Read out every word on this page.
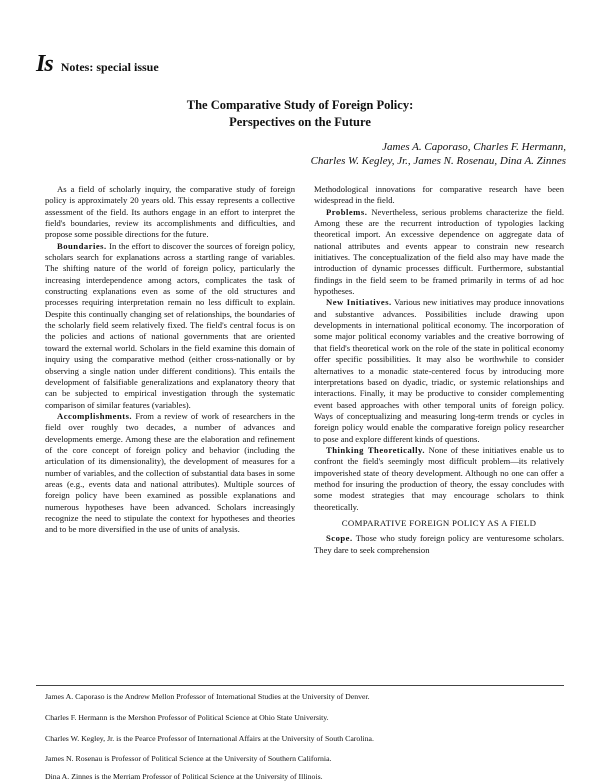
Is Notes: special issue
The Comparative Study of Foreign Policy:
Perspectives on the Future
James A. Caporaso, Charles F. Hermann,
Charles W. Kegley, Jr., James N. Rosenau, Dina A. Zinnes

As a field of scholarly inquiry, the comparative study of foreign policy is approximately 20 years old. This essay represents a collective assessment of the field. Its authors engage in an effort to interpret the field's boundaries, review its accomplishments and difficulties, and propose some possible directions for the future.

Boundaries. In the effort to discover the sources of foreign policy, scholars search for explanations across a startling range of variables. The shifting nature of the world of foreign policy, particularly the increasing interdependence among actors, complicates the task of constructing explanations even as some of the old structures and processes requiring interpretation remain no less difficult to explain. Despite this continually changing set of relationships, the boundaries of the scholarly field seem relatively fixed. The field's central focus is on the policies and actions of national governments that are oriented toward the external world. Scholars in the field examine this domain of inquiry using the comparative method (either cross-nationally or by observing a single nation under different conditions). This entails the development of falsifiable generalizations and explanatory theory that can be subjected to empirical investigation through the systematic comparison of similar features (variables).

Accomplishments. From a review of work of researchers in the field over roughly two decades, a number of advances and developments emerge. Among these are the elaboration and refinement of the core concept of foreign policy and behavior (including the articulation of its dimensionality), the development of measures for a number of variables, and the collection of substantial data bases in some areas (e.g., events data and national attributes). Multiple sources of foreign policy have been examined as possible explanations and numerous hypotheses have been advanced. Scholars increasingly recognize the need to stipulate the context for hypotheses and theories and to be more diversified in the use of units of analysis.

Methodological innovations for comparative research have been widespread in the field.

Problems. Nevertheless, serious problems characterize the field. Among these are the recurrent introduction of typologies lacking theoretical import. An excessive dependence on aggregate data of national attributes and events appear to constrain new research initiatives. The conceptualization of the field also may have made the introduction of dynamic processes difficult. Furthermore, substantial findings in the field seem to be framed primarily in terms of ad hoc hypotheses.

New Initiatives. Various new initiatives may produce innovations and substantive advances. Possibilities include drawing upon developments in international political economy. The incorporation of some major political economy variables and the creative borrowing of that field's theoretical work on the role of the state in political economy offer specific possibilities. It may also be worthwhile to consider alternatives to a monadic state-centered focus by introducing more interpretations based on dyadic, triadic, or systemic relationships and interactions. Finally, it may be productive to consider complementing event based approaches with other temporal units of foreign policy. Ways of conceptualizing and measuring long-term trends or cycles in foreign policy would enable the comparative foreign policy researcher to pose and explore different kinds of questions.

Thinking Theoretically. None of these initiatives enable us to confront the field's seemingly most difficult problem—its relatively impoverished state of theory development. Although no one can offer a method for insuring the production of theory, the essay concludes with some modest strategies that may encourage scholars to think theoretically.

COMPARATIVE FOREIGN POLICY AS A FIELD

Scope. Those who study foreign policy are venturesome scholars. They dare to seek comprehension

James A. Caporaso is the Andrew Mellon Professor of International Studies at the University of Denver.
Charles F. Hermann is the Mershon Professor of Political Science at Ohio State University.
Charles W. Kegley, Jr. is the Pearce Professor of International Affairs at the University of South Carolina.
James N. Rosenau is Professor of Political Science at the University of Southern California.
Dina A. Zinnes is the Merriam Professor of Political Science at the University of Illinois.
